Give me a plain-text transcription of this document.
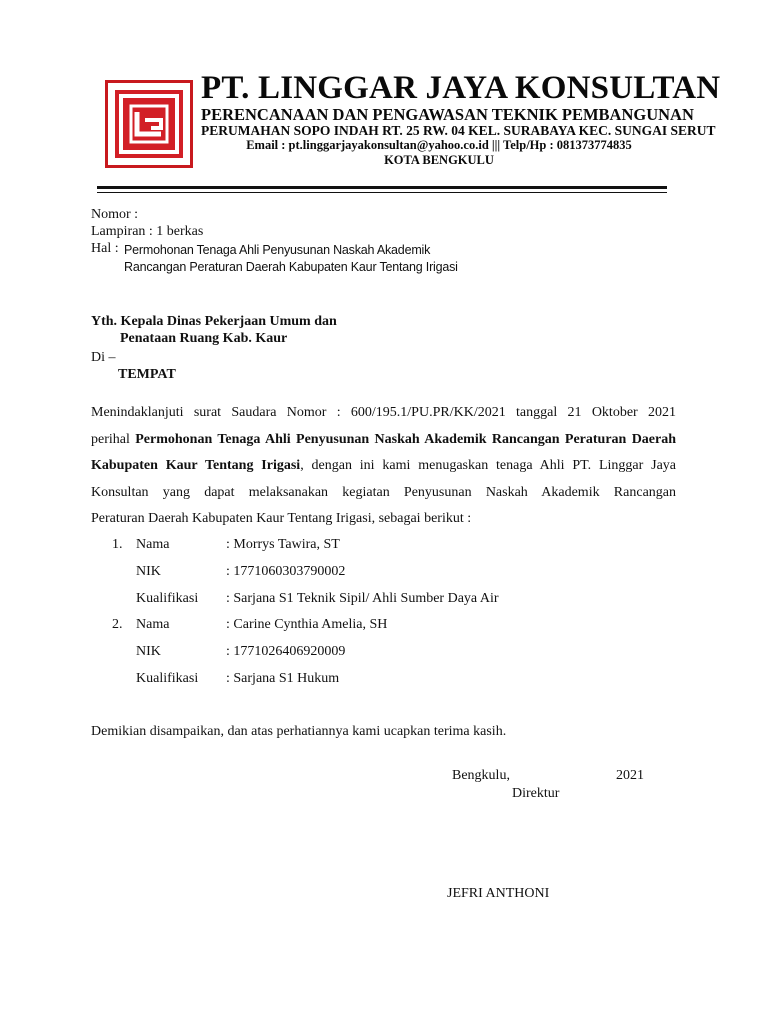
PT. LINGGAR JAYA KONSULTAN
PERENCANAAN DAN PENGAWASAN TEKNIK PEMBANGUNAN
PERUMAHAN SOPO INDAH RT. 25 RW. 04 KEL. SURABAYA KEC. SUNGAI SERUT
Email : pt.linggarjayakonsultan@yahoo.co.id ||| Telp/Hp : 081373774835
KOTA BENGKULU
Nomor :
Lampiran : 1 berkas
Hal : Permohonan Tenaga Ahli Penyusunan Naskah Akademik
Rancangan Peraturan Daerah Kabupaten Kaur Tentang Irigasi
Yth. Kepala Dinas Pekerjaan Umum dan
Penataan Ruang Kab. Kaur
Di –
TEMPAT
Menindaklanjuti surat Saudara Nomor : 600/195.1/PU.PR/KK/2021 tanggal 21 Oktober 2021
perihal Permohonan Tenaga Ahli Penyusunan Naskah Akademik Rancangan Peraturan Daerah
Kabupaten Kaur Tentang Irigasi, dengan ini kami menugaskan tenaga Ahli PT. Linggar Jaya
Konsultan yang dapat melaksanakan kegiatan Penyusunan Naskah Akademik Rancangan
Peraturan Daerah Kabupaten Kaur Tentang Irigasi, sebagai berikut :
1. Nama	: Morrys Tawira, ST
NIK	: 1771060303790002
Kualifikasi : Sarjana S1 Teknik Sipil/ Ahli Sumber Daya Air
2. Nama	: Carine Cynthia Amelia, SH
NIK	: 1771026406920009
Kualifikasi : Sarjana S1 Hukum
Demikian disampaikan, dan atas perhatiannya kami ucapkan terima kasih.
Bengkulu,	2021
Direktur
JEFRI ANTHONI
